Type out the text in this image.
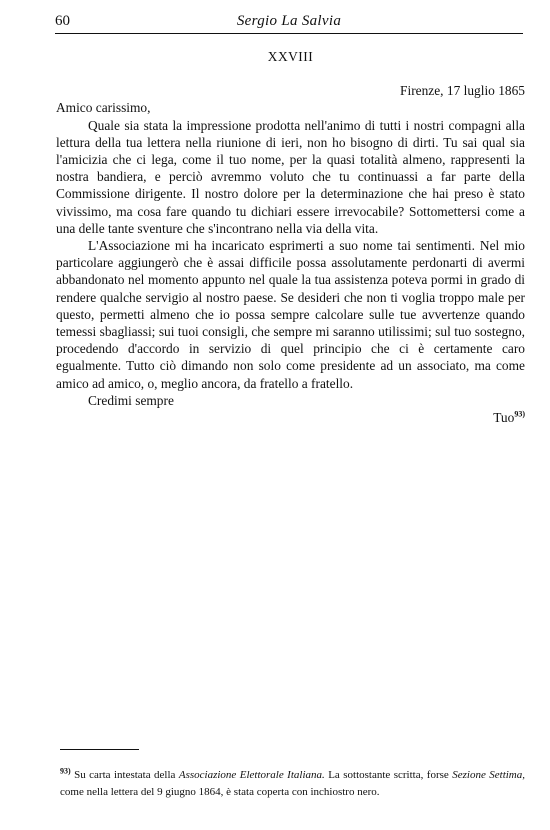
60	Sergio La Salvia

XXVIII

Firenze, 17 luglio 1865

Amico carissimo,

Quale sia stata la impressione prodotta nell'animo di tutti i nostri compagni alla lettura della tua lettera nella riunione di ieri, non ho bisogno di dirti. Tu sai qual sia l'amicizia che ci lega, come il tuo nome, per la quasi totalità almeno, rappresenti la nostra bandiera, e perciò avremmo voluto che tu continuassi a far parte della Commissione dirigente. Il nostro dolore per la determinazione che hai preso è stato vivissimo, ma cosa fare quando tu dichiari essere irrevocabile? Sottomettersi come a una delle tante sventure che s'incontrano nella via della vita.

L'Associazione mi ha incaricato esprimerti a suo nome tai sentimenti. Nel mio particolare aggiungerò che è assai difficile possa assolutamente perdonarti di avermi abbandonato nel momento appunto nel quale la tua assistenza poteva pormi in grado di rendere qualche servigio al nostro paese. Se desideri che non ti voglia troppo male per questo, permetti almeno che io possa sempre calcolare sulle tue avvertenze quando temessi sbagliassi; sui tuoi consigli, che sempre mi saranno utilissimi; sul tuo sostegno, procedendo d'accordo in servizio di quel principio che ci è certamente caro egualmente. Tutto ciò dimando non solo come presidente ad un associato, ma come amico ad amico, o, meglio ancora, da fratello a fratello.

Credimi sempre

Tuo$^{93)}$

$^{93)}$ Su carta intestata della Associazione Elettorale Italiana. La sottostante scritta, forse Sezione Settima, come nella lettera del 9 giugno 1864, è stata coperta con inchiostro nero.
